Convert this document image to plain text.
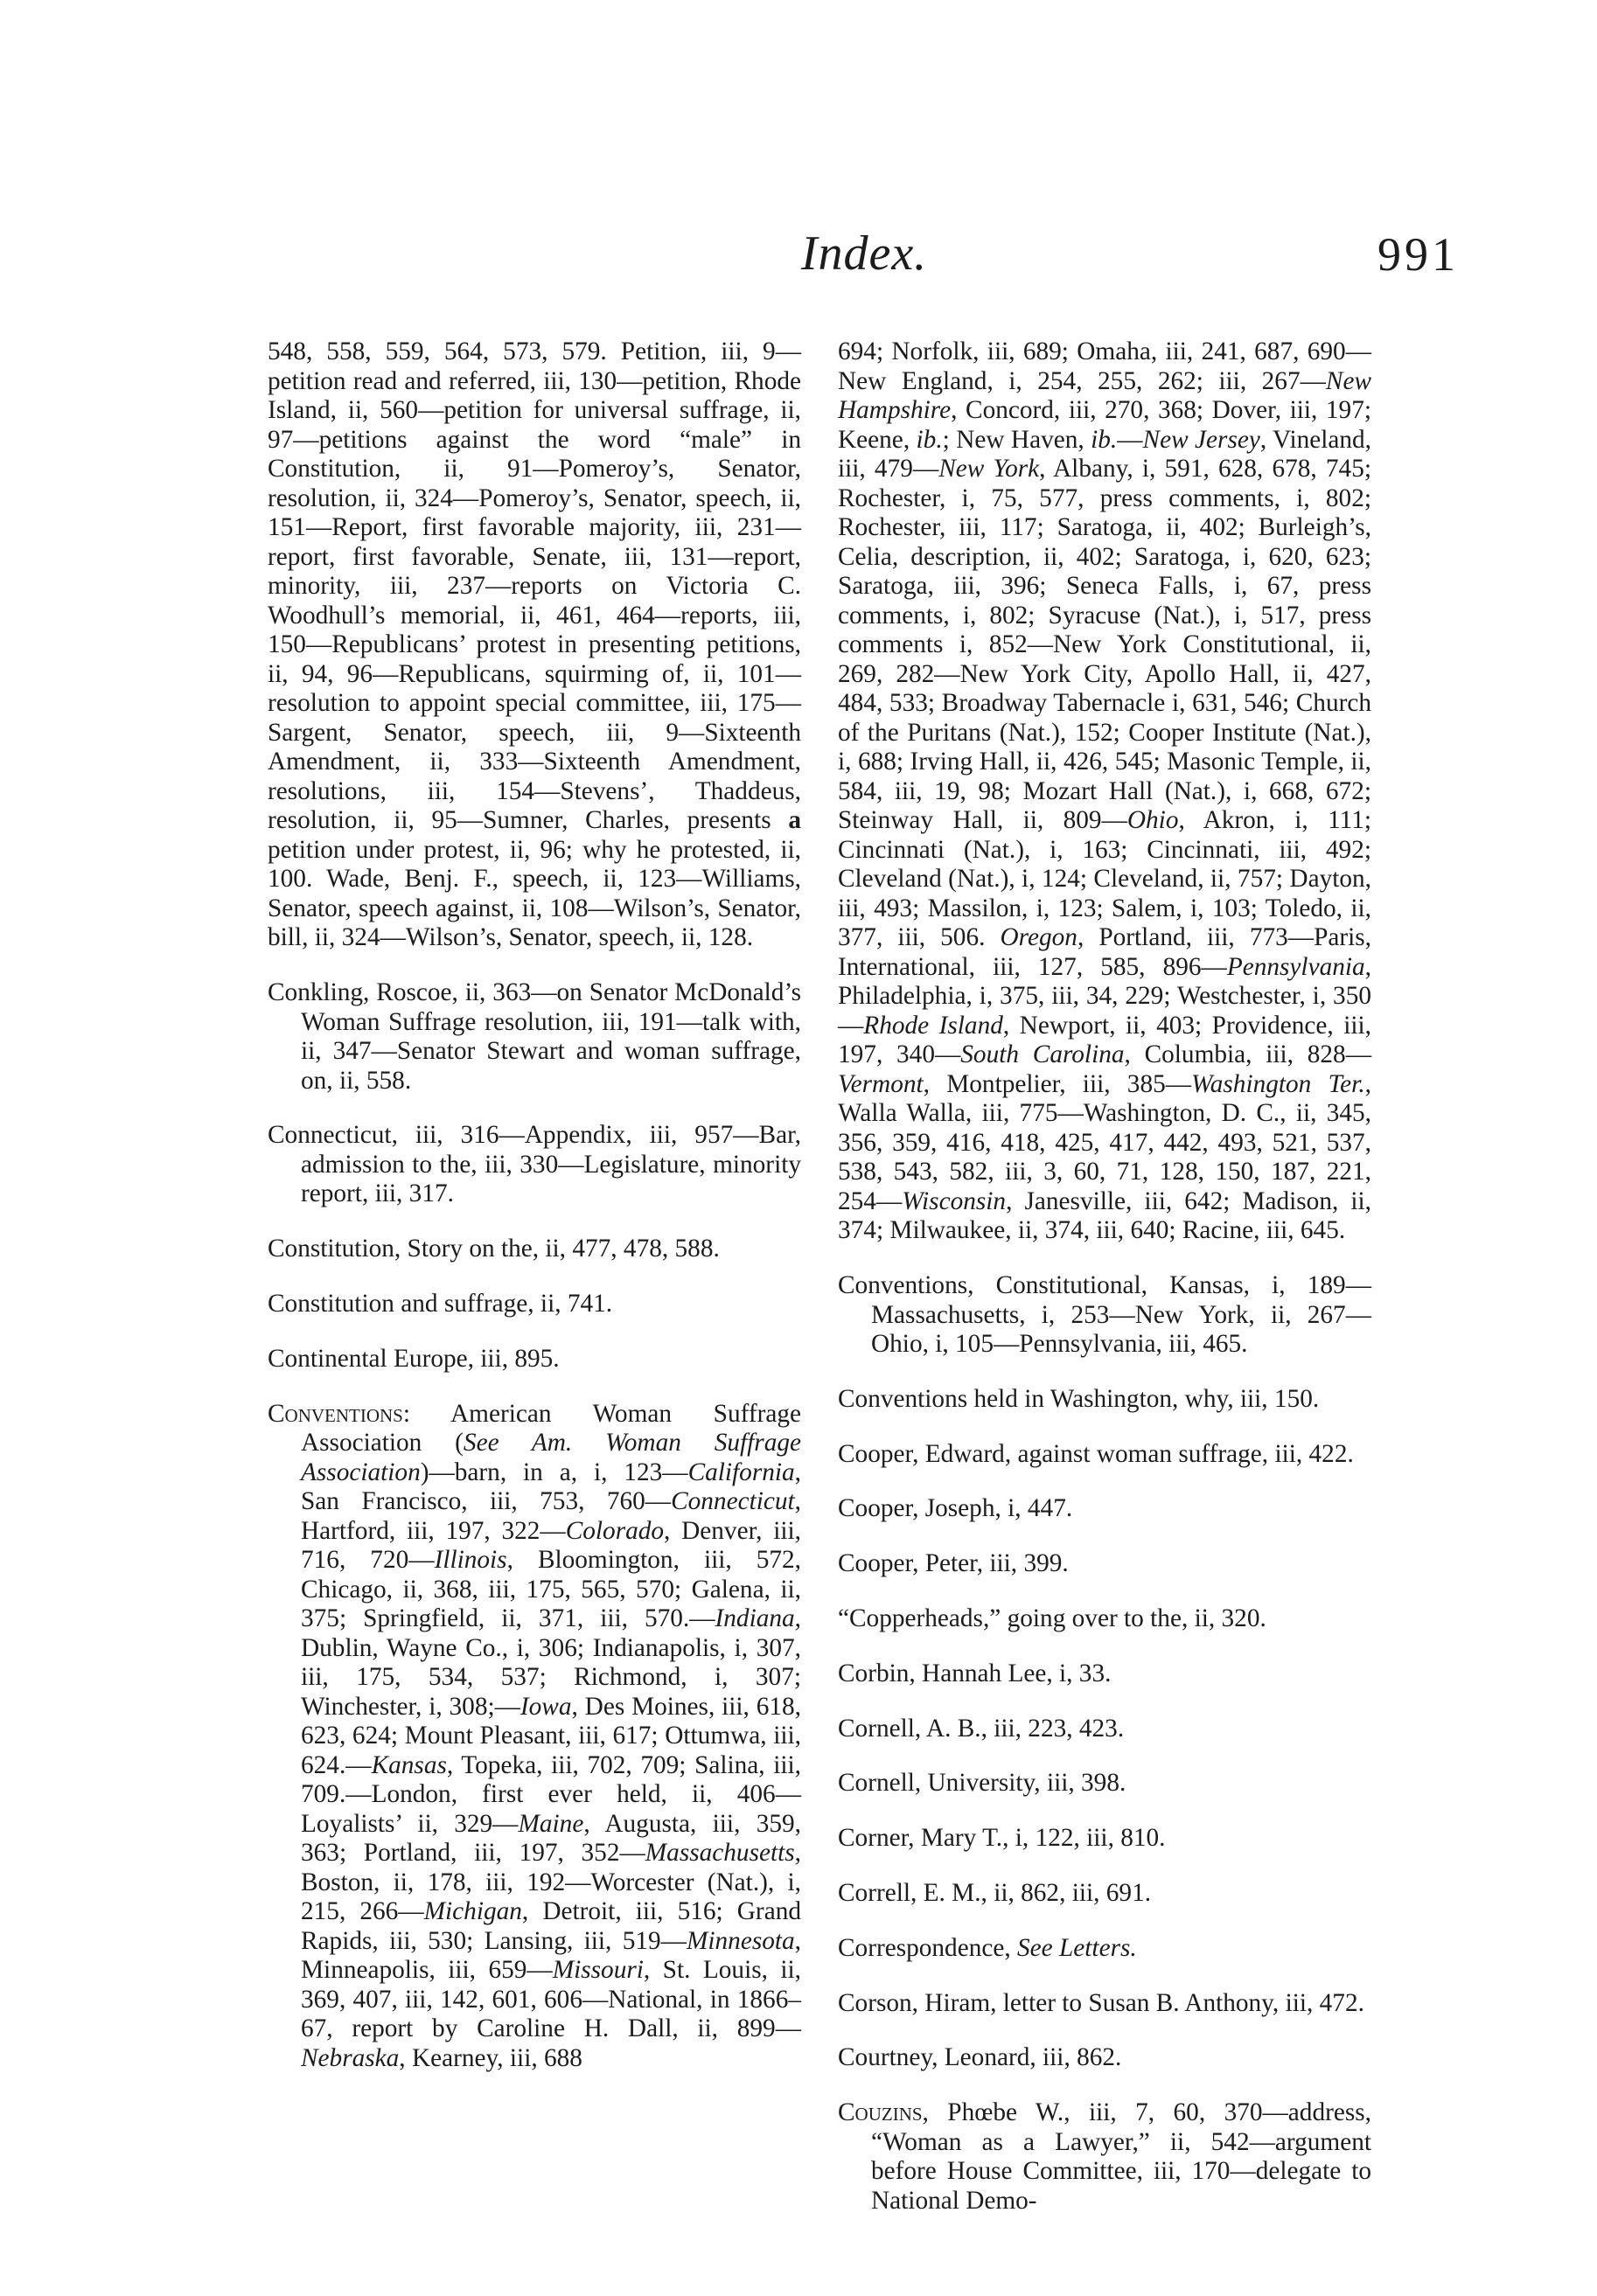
Index.	991

548, 558, 559, 564, 573, 579. Petition, iii, 9—petition read and referred, iii, 130—petition, Rhode Island, ii, 560—petition for universal suffrage, ii, 97—petitions against the word “male” in Constitution, ii, 91—Pomeroy’s, Senator, resolution, ii, 324—Pomeroy’s, Senator, speech, ii, 151—Report, first favorable majority, iii, 231—report, first favorable, Senate, iii, 131—report, minority, iii, 237—reports on Victoria C. Woodhull’s memorial, ii, 461, 464—reports, iii, 150—Republicans’ protest in presenting petitions, ii, 94, 96—Republicans, squirming of, ii, 101—resolution to appoint special committee, iii, 175—Sargent, Senator, speech, iii, 9—Sixteenth Amendment, ii, 333—Sixteenth Amendment, resolutions, iii, 154—Stevens’, Thaddeus, resolution, ii, 95—Sumner, Charles, presents a petition under protest, ii, 96; why he protested, ii, 100. Wade, Benj. F., speech, ii, 123—Williams, Senator, speech against, ii, 108—Wilson’s, Senator, bill, ii, 324—Wilson’s, Senator, speech, ii, 128.

Conkling, Roscoe, ii, 363—on Senator McDonald’s Woman Suffrage resolution, iii, 191—talk with, ii, 347—Senator Stewart and woman suffrage, on, ii, 558.

Connecticut, iii, 316—Appendix, iii, 957—Bar, admission to the, iii, 330—Legislature, minority report, iii, 317.

Constitution, Story on the, ii, 477, 478, 588.

Constitution and suffrage, ii, 741.

Continental Europe, iii, 895.

Conventions: American Woman Suffrage Association (See Am. Woman Suffrage Association)—barn, in a, i, 123—California, San Francisco, iii, 753, 760—Connecticut, Hartford, iii, 197, 322—Colorado, Denver, iii, 716, 720—Illinois, Bloomington, iii, 572, Chicago, ii, 368, iii, 175, 565, 570; Galena, ii, 375; Springfield, ii, 371, iii, 570.—Indiana, Dublin, Wayne Co., i, 306; Indianapolis, i, 307, iii, 175, 534, 537; Richmond, i, 307; Winchester, i, 308;—Iowa, Des Moines, iii, 618, 623, 624; Mount Pleasant, iii, 617; Ottumwa, iii, 624.—Kansas, Topeka, iii, 702, 709; Salina, iii, 709.—London, first ever held, ii, 406—Loyalists’ ii, 329—Maine, Augusta, iii, 359, 363; Portland, iii, 197, 352—Massachusetts, Boston, ii, 178, iii, 192—Worcester (Nat.), i, 215, 266—Michigan, Detroit, iii, 516; Grand Rapids, iii, 530; Lansing, iii, 519—Minnesota, Minneapolis, iii, 659—Missouri, St. Louis, ii, 369, 407, iii, 142, 601, 606—National, in 1866–67, report by Caroline H. Dall, ii, 899—Nebraska, Kearney, iii, 688

694; Norfolk, iii, 689; Omaha, iii, 241, 687, 690—New England, i, 254, 255, 262; iii, 267—New Hampshire, Concord, iii, 270, 368; Dover, iii, 197; Keene, ib.; New Haven, ib.—New Jersey, Vineland, iii, 479—New York, Albany, i, 591, 628, 678, 745; Rochester, i, 75, 577, press comments, i, 802; Rochester, iii, 117; Saratoga, ii, 402; Burleigh’s, Celia, description, ii, 402; Saratoga, i, 620, 623; Saratoga, iii, 396; Seneca Falls, i, 67, press comments, i, 802; Syracuse (Nat.), i, 517, press comments i, 852—New York Constitutional, ii, 269, 282—New York City, Apollo Hall, ii, 427, 484, 533; Broadway Tabernacle i, 631, 546; Church of the Puritans (Nat.), 152; Cooper Institute (Nat.), i, 688; Irving Hall, ii, 426, 545; Masonic Temple, ii, 584, iii, 19, 98; Mozart Hall (Nat.), i, 668, 672; Steinway Hall, ii, 809—Ohio, Akron, i, 111; Cincinnati (Nat.), i, 163; Cincinnati, iii, 492; Cleveland (Nat.), i, 124; Cleveland, ii, 757; Dayton, iii, 493; Massilon, i, 123; Salem, i, 103; Toledo, ii, 377, iii, 506. Oregon, Portland, iii, 773—Paris, International, iii, 127, 585, 896—Pennsylvania, Philadelphia, i, 375, iii, 34, 229; Westchester, i, 350—Rhode Island, Newport, ii, 403; Providence, iii, 197, 340—South Carolina, Columbia, iii, 828—Vermont, Montpelier, iii, 385—Washington Ter., Walla Walla, iii, 775—Washington, D. C., ii, 345, 356, 359, 416, 418, 425, 417, 442, 493, 521, 537, 538, 543, 582, iii, 3, 60, 71, 128, 150, 187, 221, 254—Wisconsin, Janesville, iii, 642; Madison, ii, 374; Milwaukee, ii, 374, iii, 640; Racine, iii, 645.

Conventions, Constitutional, Kansas, i, 189—Massachusetts, i, 253—New York, ii, 267—Ohio, i, 105—Pennsylvania, iii, 465.

Conventions held in Washington, why, iii, 150.

Cooper, Edward, against woman suffrage, iii, 422.

Cooper, Joseph, i, 447.

Cooper, Peter, iii, 399.

“Copperheads,” going over to the, ii, 320.

Corbin, Hannah Lee, i, 33.

Cornell, A. B., iii, 223, 423.

Cornell, University, iii, 398.

Corner, Mary T., i, 122, iii, 810.

Correll, E. M., ii, 862, iii, 691.

Correspondence, See Letters.

Corson, Hiram, letter to Susan B. Anthony, iii, 472.

Courtney, Leonard, iii, 862.

Couzins, Phœbe W., iii, 7, 60, 370—address, “Woman as a Lawyer,” ii, 542—argument before House Committee, iii, 170—delegate to National Demo-
